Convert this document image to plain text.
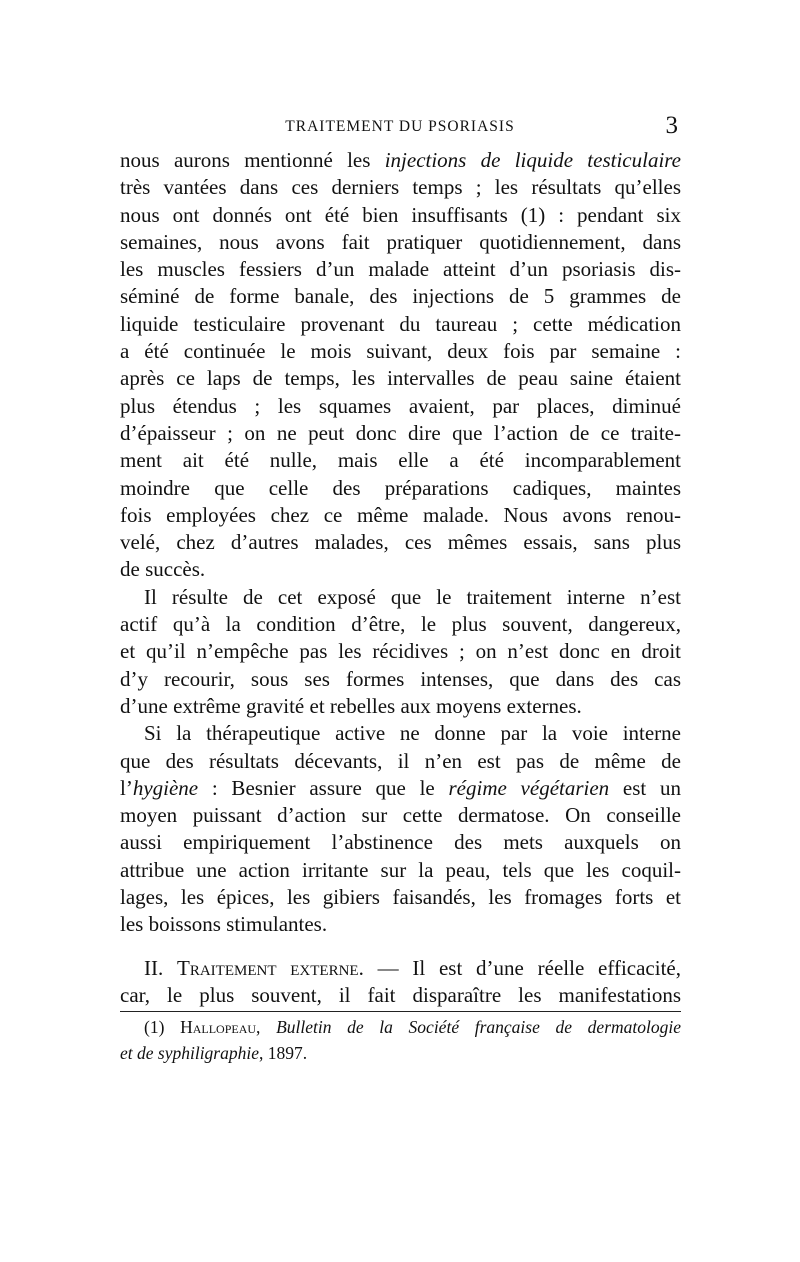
TRAITEMENT DU PSORIASIS	3
nous aurons mentionné les injections de liquide testiculaire
très vantées dans ces derniers temps ; les résultats qu’elles
nous ont donnés ont été bien insuffisants (1) : pendant six
semaines, nous avons fait pratiquer quotidiennement, dans
les muscles fessiers d’un malade atteint d’un psoriasis dis-
séminé de forme banale, des injections de 5 grammes de
liquide testiculaire provenant du taureau ; cette médication
a été continuée le mois suivant, deux fois par semaine :
après ce laps de temps, les intervalles de peau saine étaient
plus étendus ; les squames avaient, par places, diminué
d’épaisseur ; on ne peut donc dire que l’action de ce traite-
ment ait été nulle, mais elle a été incomparablement
moindre que celle des préparations cadiques, maintes
fois employées chez ce même malade. Nous avons renou-
velé, chez d’autres malades, ces mêmes essais, sans plus
de succès.
Il résulte de cet exposé que le traitement interne n’est
actif qu’à la condition d’être, le plus souvent, dangereux,
et qu’il n’empêche pas les récidives ; on n’est donc en droit
d’y recourir, sous ses formes intenses, que dans des cas
d’une extrême gravité et rebelles aux moyens externes.
Si la thérapeutique active ne donne par la voie interne
que des résultats décevants, il n’en est pas de même de
l’hygiène : Besnier assure que le régime végétarien est un
moyen puissant d’action sur cette dermatose. On conseille
aussi empiriquement l’abstinence des mets auxquels on
attribue une action irritante sur la peau, tels que les coquil-
lages, les épices, les gibiers faisandés, les fromages forts et
les boissons stimulantes.
II. Traitement externe. — Il est d’une réelle efficacité,
car, le plus souvent, il fait disparaître les manifestations
(1) Hallopeau, Bulletin de la Société française de dermatologie
et de syphiligraphie, 1897.
